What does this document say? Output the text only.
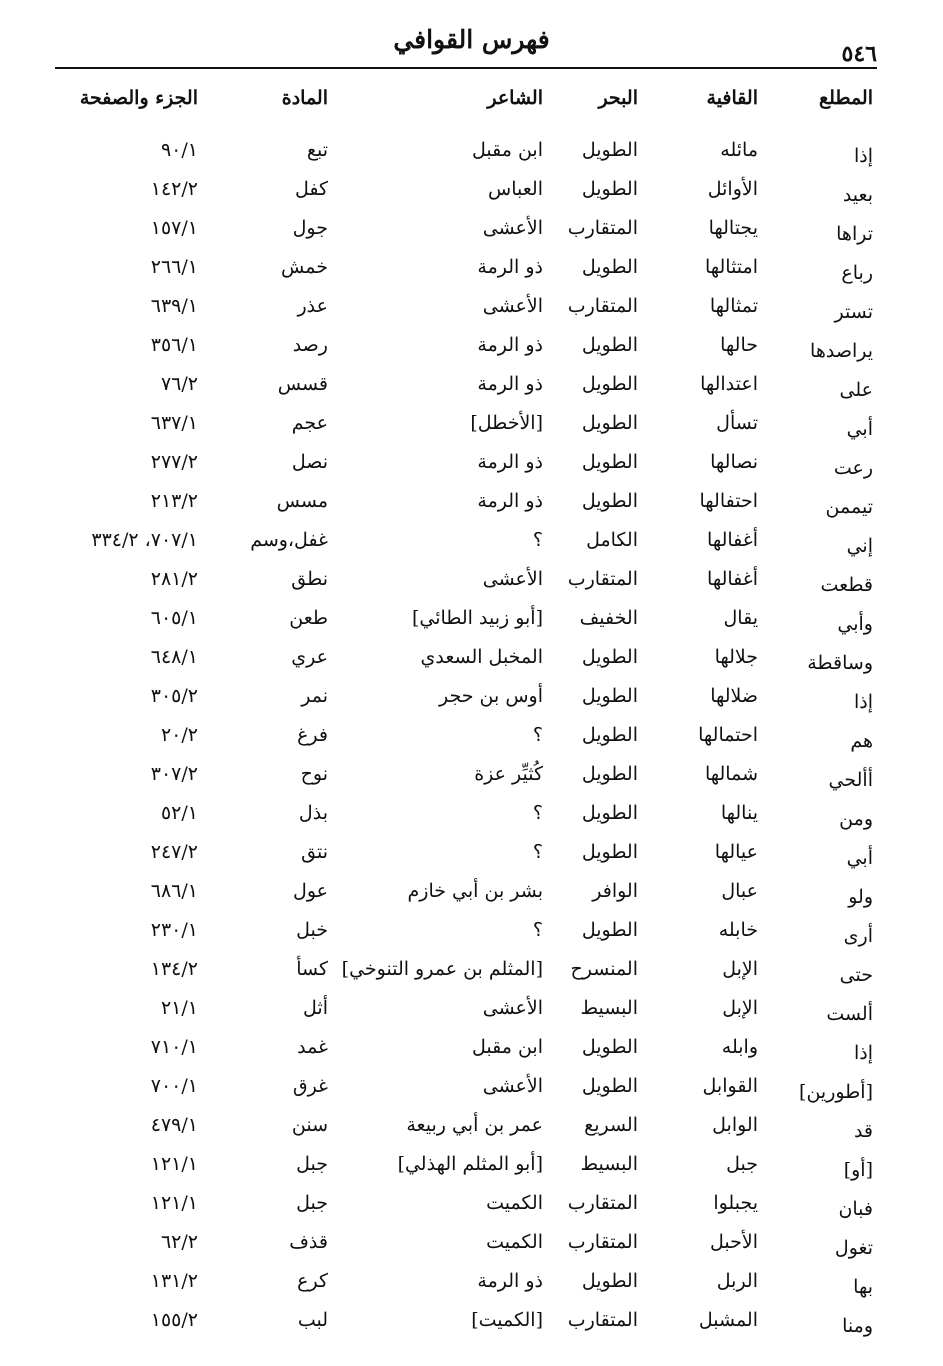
فهرس القوافي	٥٤٦
المطلع
القافية
البحر
الشاعر
المادة
الجزء والصفحة
إذا
مائله
الطويل
ابن مقبل
تبع
٩٠/١
بعيد
الأوائل
الطويل
العباس
كفل
١٤٢/٢
تراها
يجتالها
المتقارب
الأعشى
جول
١٥٧/١
رباع
امتثالها
الطويل
ذو الرمة
خمش
٢٦٦/١
تستر
تمثالها
المتقارب
الأعشى
عذر
٦٣٩/١
يراصدها
حالها
الطويل
ذو الرمة
رصد
٣٥٦/١
على
اعتدالها
الطويل
ذو الرمة
قسس
٧٦/٢
أبي
تسأل
الطويل
[الأخطل]
عجم
٦٣٧/١
رعت
نصالها
الطويل
ذو الرمة
نصل
٢٧٧/٢
تيممن
احتفالها
الطويل
ذو الرمة
مسس
٢١٣/٢
إني
أغفالها
الكامل
؟
غفل،وسم
٧٠٧/١، ٣٣٤/٢
قطعت
أغفالها
المتقارب
الأعشى
نطق
٢٨١/٢
وأبي
يقال
الخفيف
[أبو زبيد الطائي]
طعن
٦٠٥/١
وساقطة
جلالها
الطويل
المخبل السعدي
عري
٦٤٨/١
إذا
ضلالها
الطويل
أوس بن حجر
نمر
٣٠٥/٢
هم
احتمالها
الطويل
؟
فرغ
٢٠/٢
أألحي
شمالها
الطويل
كُثيِّر عزة
نوح
٣٠٧/٢
ومن
ينالها
الطويل
؟
بذل
٥٢/١
أبي
عيالها
الطويل
؟
نتق
٢٤٧/٢
ولو
عبال
الوافر
بشر بن أبي خازم
عول
٦٨٦/١
أرى
خابله
الطويل
؟
خبل
٢٣٠/١
حتى
الإبل
المنسرح
[المثلم بن عمرو التنوخي]
كسأ
١٣٤/٢
ألست
الإبل
البسيط
الأعشى
أثل
٢١/١
إذا
وابله
الطويل
ابن مقبل
غمد
٧١٠/١
[أطورين]
القوابل
الطويل
الأعشى
غرق
٧٠٠/١
قد
الوابل
السريع
عمر بن أبي ربيعة
سنن
٤٧٩/١
[أو]
جبل
البسيط
[أبو المثلم الهذلي]
جبل
١٢١/١
فبان
يجبلوا
المتقارب
الكميت
جبل
١٢١/١
تغول
الأحبل
المتقارب
الكميت
قذف
٦٢/٢
بها
الربل
الطويل
ذو الرمة
كرع
١٣١/٢
ومنا
المشبل
المتقارب
[الكميت]
لبب
١٥٥/٢
